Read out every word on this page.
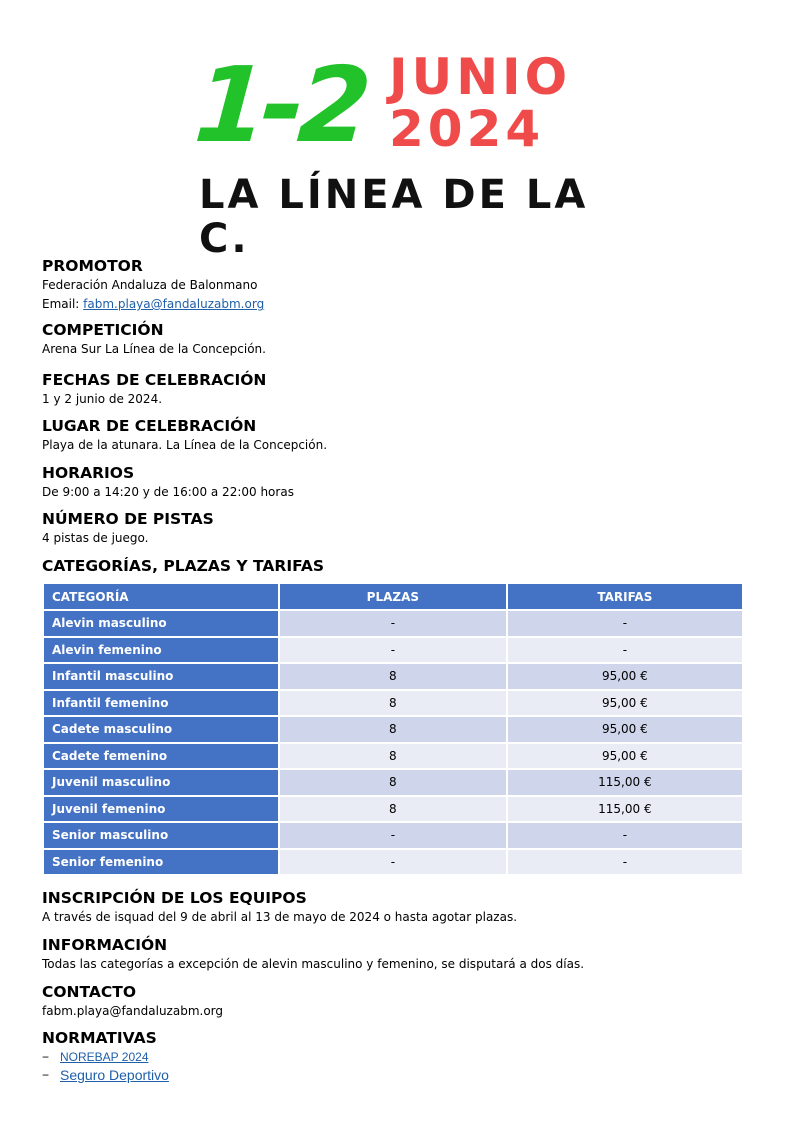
1-2 JUNIO
2024
LA LÍNEA DE LA C.

PROMOTOR

Federación Andaluza de Balonmano

Email: fabm.playa@fandaluzabm.org

COMPETICIÓN

Arena Sur La Línea de la Concepción.

FECHAS DE CELEBRACIÓN

1 y 2 junio de 2024.

LUGAR DE CELEBRACIÓN

Playa de la atunara. La Línea de la Concepción.

HORARIOS

De 9:00 a 14:20 y de 16:00 a 22:00 horas

NÚMERO DE PISTAS

4 pistas de juego.

CATEGORÍAS, PLAZAS Y TARIFAS

CATEGORÍA	PLAZAS	TARIFAS
Alevin masculino	-	-
Alevin femenino	-	-
Infantil masculino	8	95,00 €
Infantil femenino	8	95,00 €
Cadete masculino	8	95,00 €
Cadete femenino	8	95,00 €
Juvenil masculino	8	115,00 €
Juvenil femenino	8	115,00 €
Senior masculino	-	-
Senior femenino	-	-

INSCRIPCIÓN DE LOS EQUIPOS

A través de isquad del 9 de abril al 13 de mayo de 2024 o hasta agotar plazas.

INFORMACIÓN

Todas las categorías a excepción de alevin masculino y femenino, se disputará a dos días.

CONTACTO

fabm.playa@fandaluzabm.org

NORMATIVAS

− NOREBAP 2024
− Seguro Deportivo
